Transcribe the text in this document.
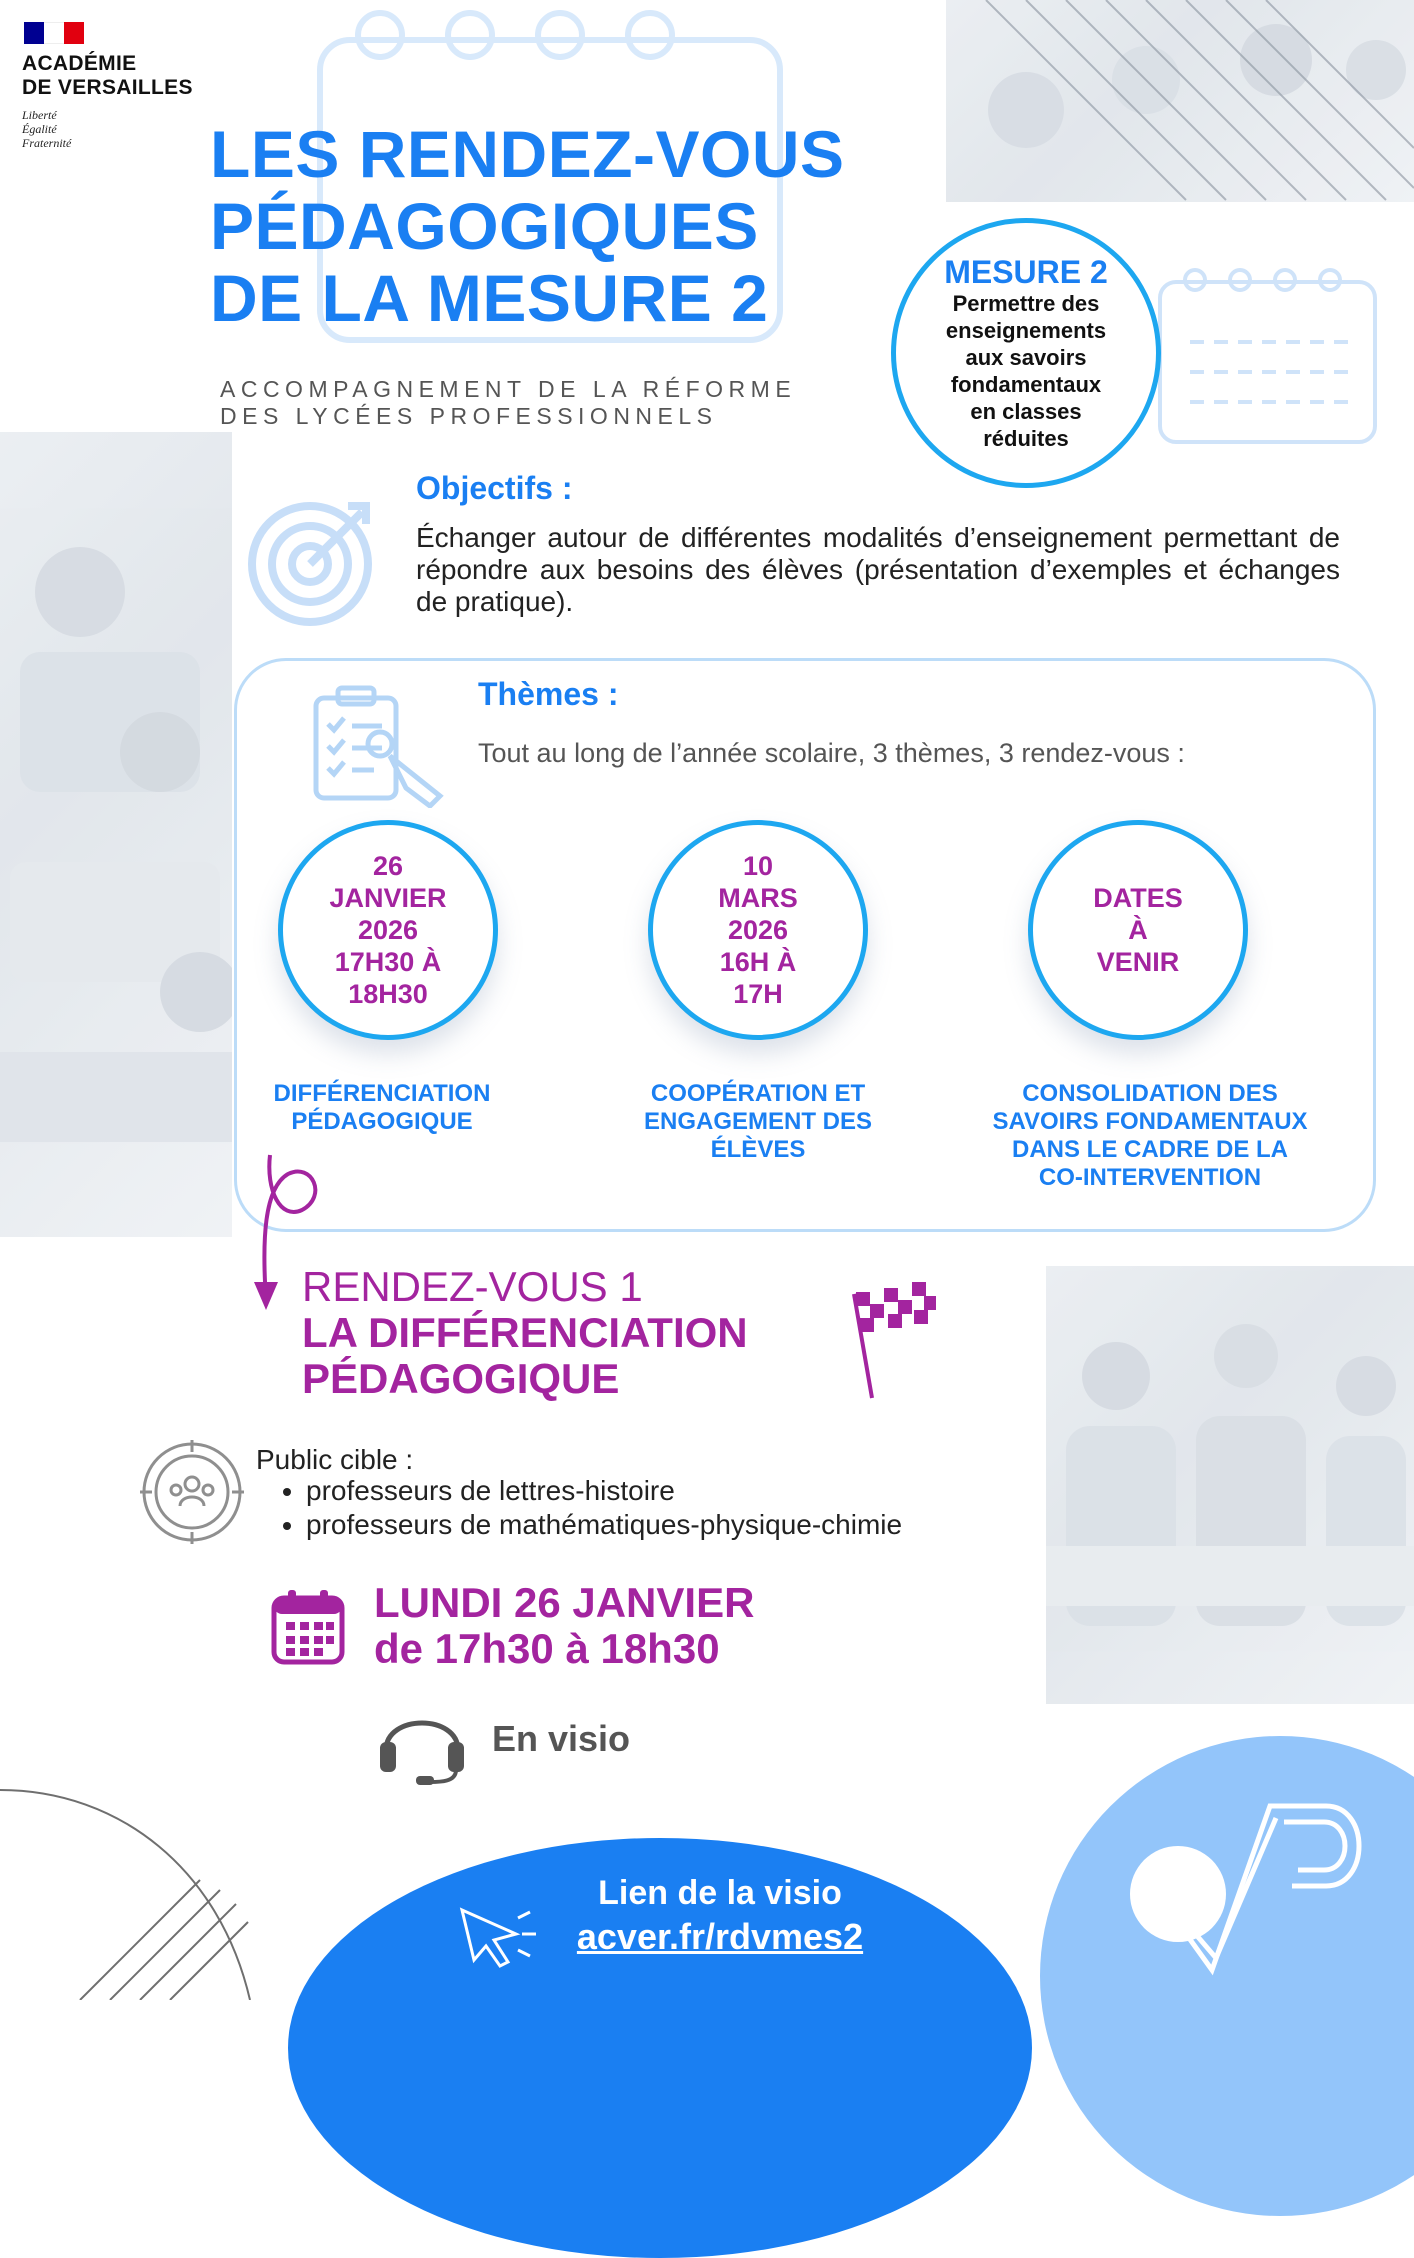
ACADÉMIE
DE VERSAILLES
Liberté
Égalité
Fraternité LES RENDEZ-VOUS
PÉDAGOGIQUES
DE LA MESURE 2
ACCOMPAGNEMENT DE LA RÉFORME
DES LYCÉES PROFESSIONNELS
MESURE 2
Permettre des
enseignements
aux savoirs
fondamentaux
en classes
réduites
Objectifs :
Échanger autour de différentes modalités d’enseignement permettant de répondre aux besoins des élèves (présentation d’exemples et échanges de pratique).
Thèmes :
Tout au long de l’année scolaire, 3 thèmes, 3 rendez-vous :
26
JANVIER
2026
17H30 À
18H30
DIFFÉRENCIATION
PÉDAGOGIQUE
10
MARS
2026
16H À
17H
COOPÉRATION ET
ENGAGEMENT DES
ÉLÈVES
DATES
À
VENIR
CONSOLIDATION DES
SAVOIRS FONDAMENTAUX
DANS LE CADRE DE LA
CO-INTERVENTION
RENDEZ-VOUS 1
LA DIFFÉRENCIATION
PÉDAGOGIQUE
Public cible :
• professeurs de lettres-histoire
• professeurs de mathématiques-physique-chimie
LUNDI 26 JANVIER
de 17h30 à 18h30
En visio
Lien de la visio
acver.fr/rdvmes2
